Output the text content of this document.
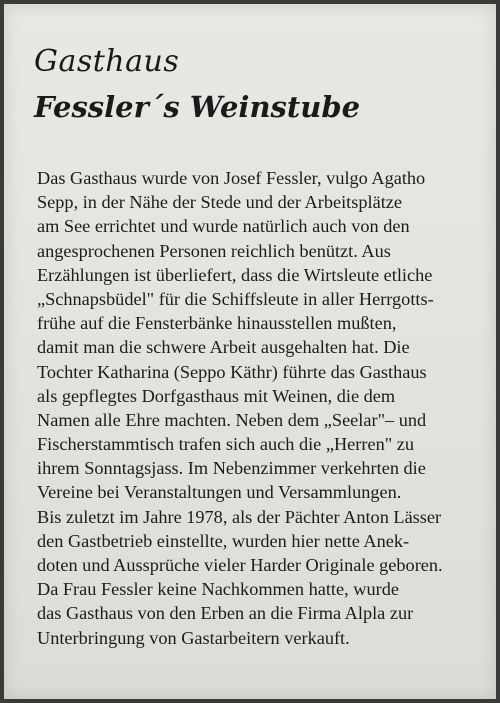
Gasthaus
Fessler´s Weinstube
Das Gasthaus wurde von Josef Fessler, vulgo Agatho
Sepp, in der Nähe der Stede und der Arbeitsplätze
am See errichtet und wurde natürlich auch von den
angesprochenen Personen reichlich benützt. Aus
Erzählungen ist überliefert, dass die Wirtsleute etliche
„Schnapsbüdel" für die Schiffsleute in aller Herrgotts-
frühe auf die Fensterbänke hinausstellen mußten,
damit man die schwere Arbeit ausgehalten hat. Die
Tochter Katharina (Seppo Käthr) führte das Gasthaus
als gepflegtes Dorfgasthaus mit Weinen, die dem
Namen alle Ehre machten. Neben dem „Seelar"– und
Fischerstammtisch trafen sich auch die „Herren" zu
ihrem Sonntagsjass. Im Nebenzimmer verkehrten die
Vereine bei Veranstaltungen und Versammlungen.
Bis zuletzt im Jahre 1978, als der Pächter Anton Lässer
den Gastbetrieb einstellte, wurden hier nette Anek-
doten und Aussprüche vieler Harder Originale geboren.
Da Frau Fessler keine Nachkommen hatte, wurde
das Gasthaus von den Erben an die Firma Alpla zur
Unterbringung von Gastarbeitern verkauft.
